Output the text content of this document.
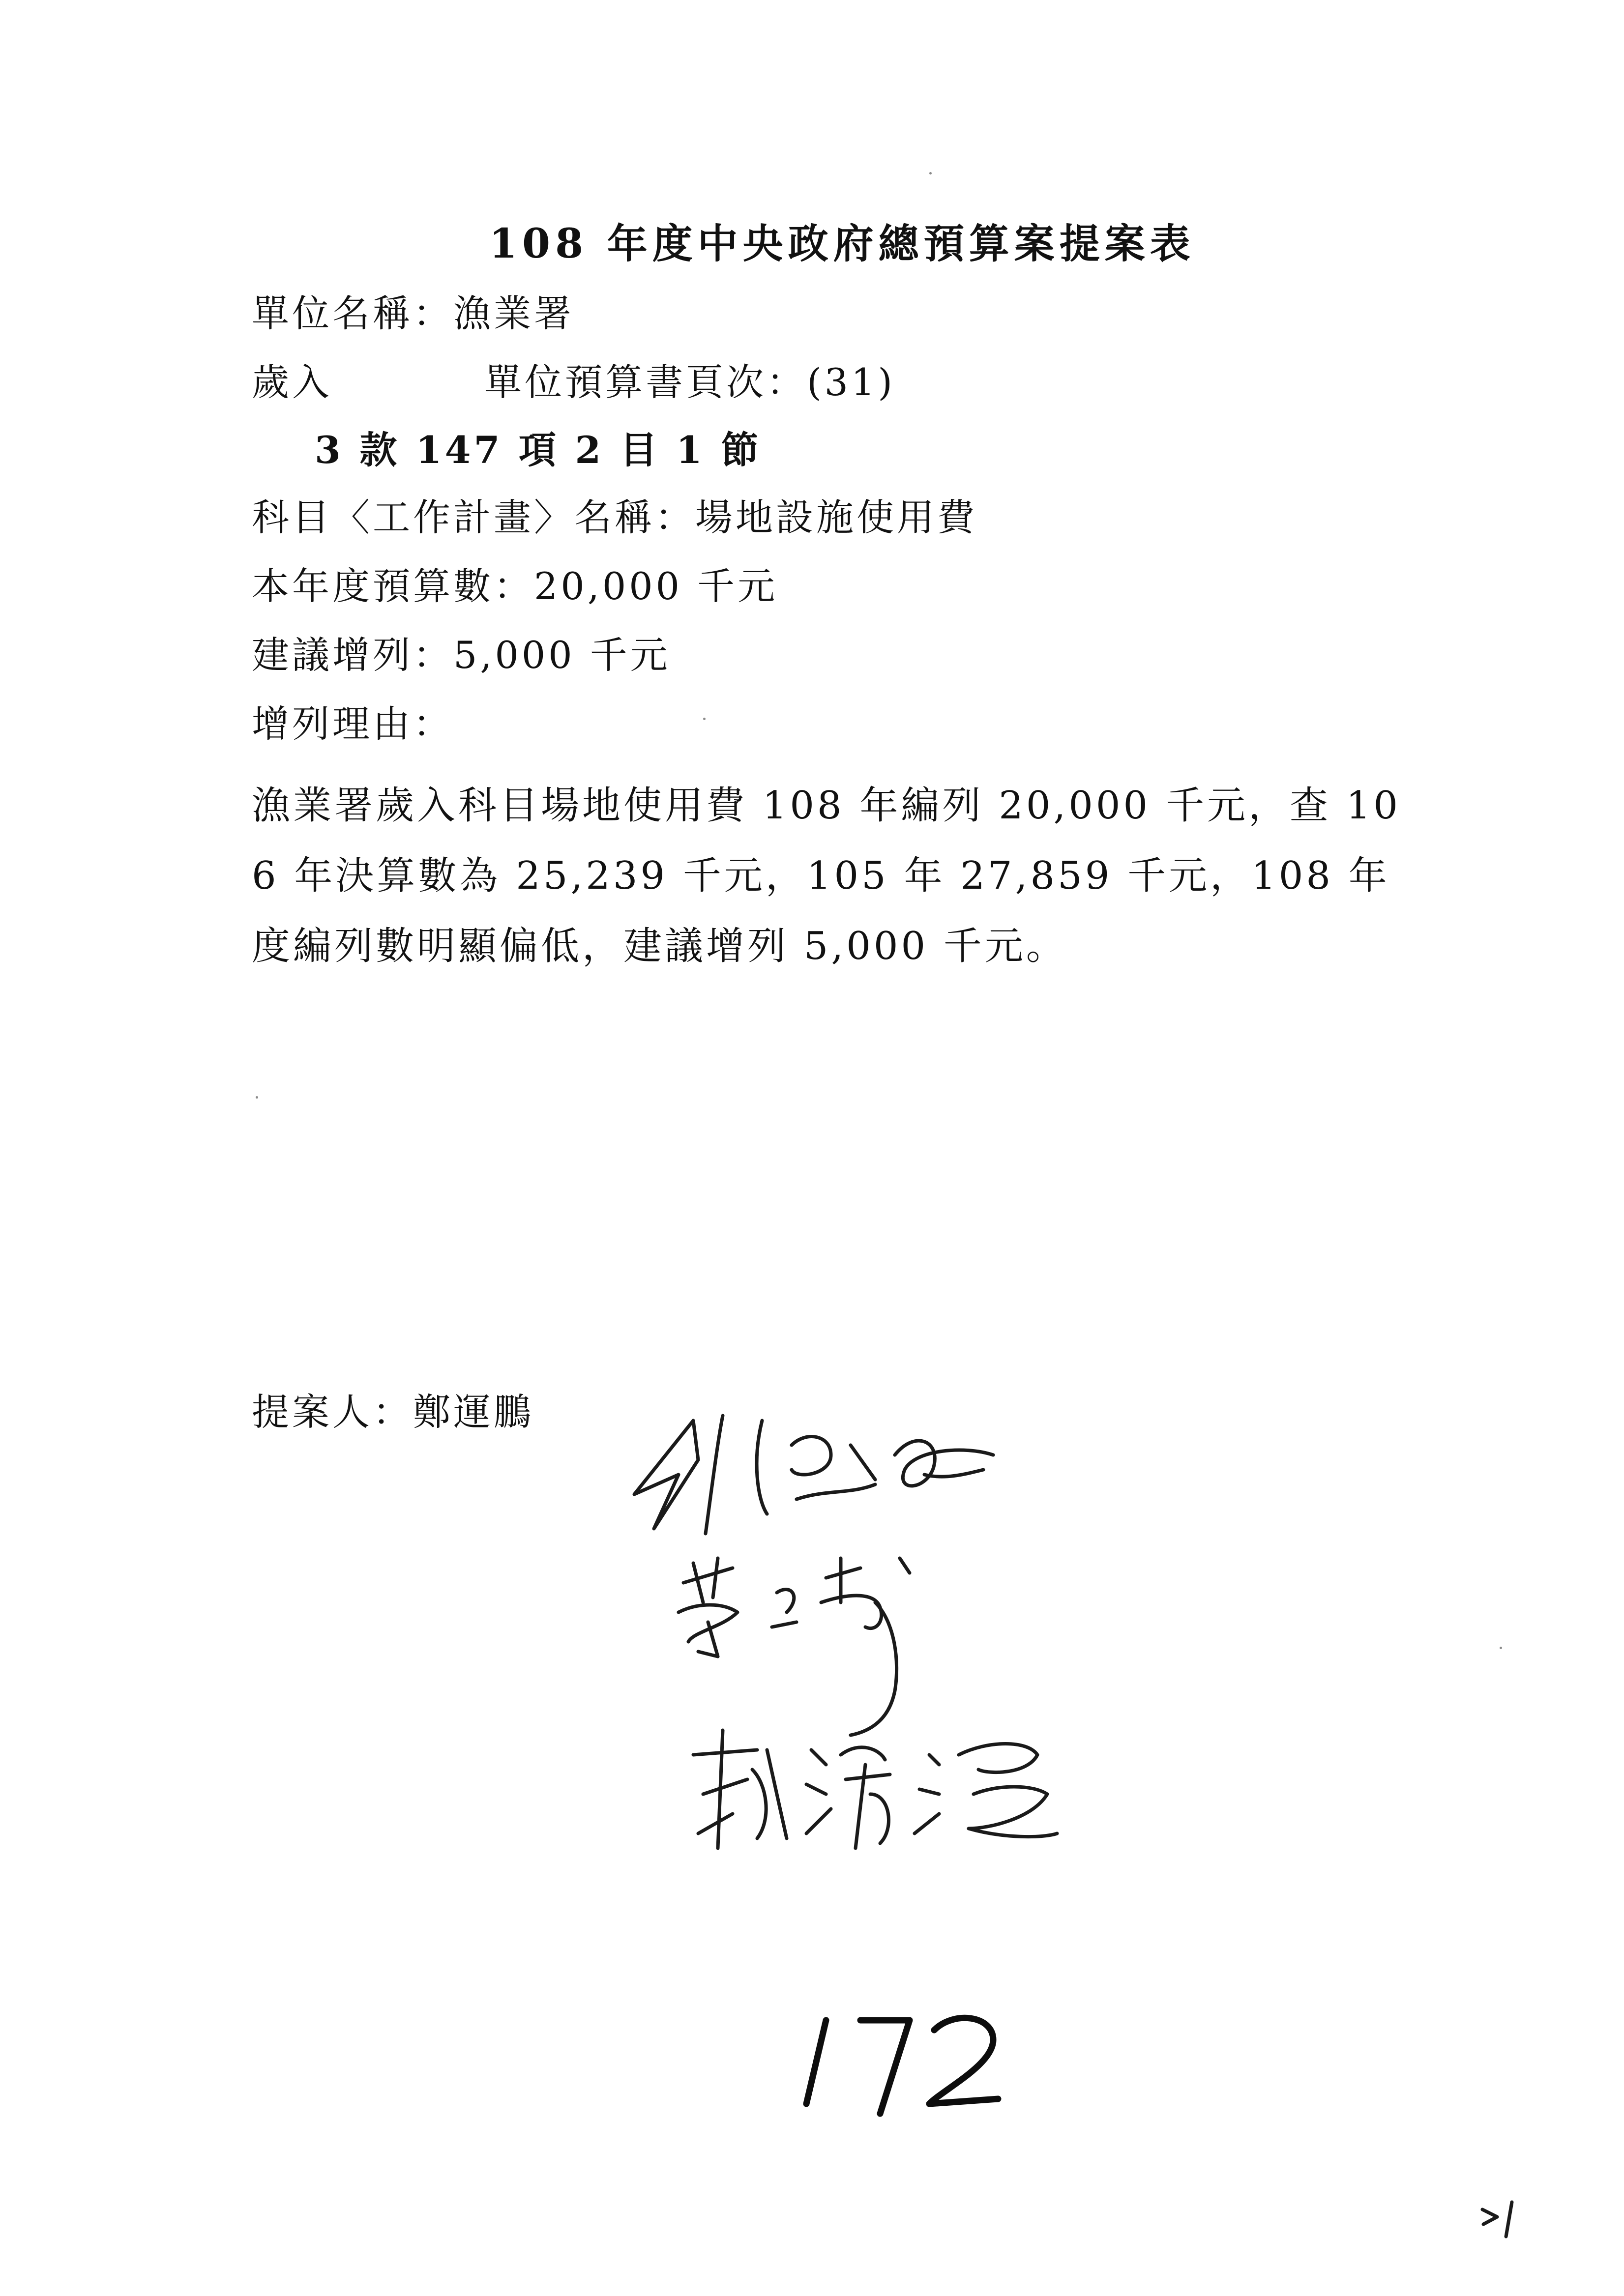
108 年度中央政府總預算案提案表
單位名稱：漁業署
歲入	單位預算書頁次：(31)
3 款 147 項 2 目 1 節
科目〈工作計畫〉名稱：場地設施使用費
本年度預算數：20,000 千元
建議增列：5,000 千元
增列理由：
漁業署歲入科目場地使用費 108 年編列 20,000 千元，查 106 年決算數為 25,239 千元，105 年 27,859 千元，108 年度編列數明顯偏低，建議增列 5,000 千元。
提案人：鄭運鵬
